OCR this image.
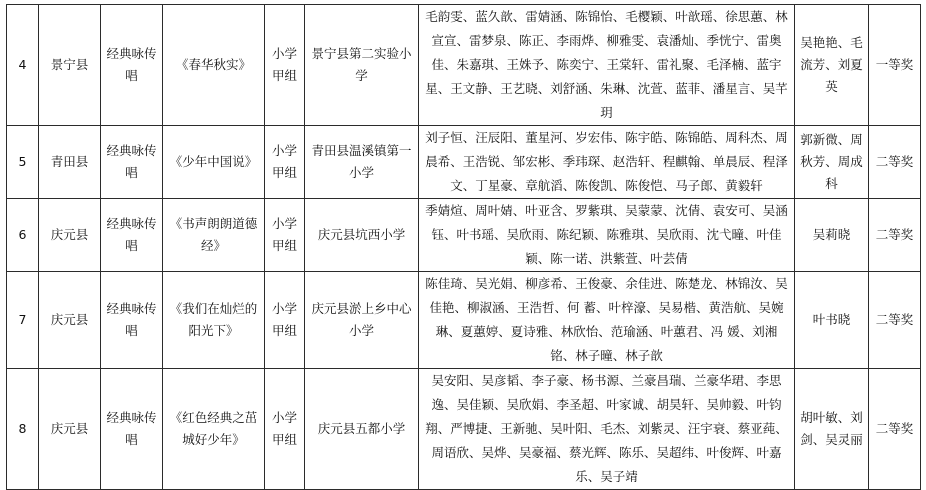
4	景宁县	经典咏传唱	《春华秋实》	小学甲组	景宁县第二实验小学	毛韵雯、蓝久歆、雷婧涵、陈锦怡、毛樱颖、叶歆瑶、徐思蕙、林宣宣、雷梦泉、陈正、李雨烨、柳雅雯、袁潘灿、季恍宁、雷奥佳、朱嘉琪、王姝予、陈奕宁、王棠轩、雷礼聚、毛泽楠、蓝宇星、王文静、王艺晓、刘舒涵、朱琳、沈萱、蓝菲、潘星言、吴芊玥	吴艳艳、毛流芳、刘夏英	一等奖
5	青田县	经典咏传唱	《少年中国说》	小学甲组	青田县温溪镇第一小学	刘子恒、汪辰阳、董星河、岁宏伟、陈宇皓、陈锦皓、周科杰、周晨希、王浩锐、邹宏彬、季玮琛、赵浩轩、程麒翰、单晨辰、程泽文、丁星豪、章航滔、陈俊凯、陈俊恺、马子郎、黄毅轩	郭新微、周秋芳、周成科	二等奖
6	庆元县	经典咏传唱	《书声朗朗道德经》	小学甲组	庆元县坑西小学	季婧煊、周叶婧、叶亚含、罗紫琪、吴蒙蒙、沈倩、袁安可、吴涵钰、叶书瑶、吴欣雨、陈纪颖、陈雅琪、吴欣雨、沈弋曈、叶佳颖、陈一诺、洪紫萱、叶芸倩	吴莉晓	二等奖
7	庆元县	经典咏传唱	《我们在灿烂的阳光下》	小学甲组	庆元县淤上乡中心小学	陈佳琦、吴光娟、柳彦希、王俊豪、余佳进、陈楚龙、林锦汝、吴佳艳、柳淑涵、王浩哲、何 蓄、叶梓濠、吴易楷、黄浩航、吴婉琳、夏蕙婷、夏诗雅、林欣怡、范瑜涵、叶蕙君、冯 媛、刘湘铭、林子曈、林子歆	叶书晓	二等奖
8	庆元县	经典咏传唱	《红色经典之茁城好少年》	小学甲组	庆元县五都小学	吴安阳、吴彦韬、李子豪、杨书源、兰豪昌瑞、兰豪华珺、李思逸、吴佳颖、吴欣娟、李圣超、叶家诚、胡昊轩、吴帅毅、叶钧翔、严博捷、王新驰、吴叶阳、毛杰、刘紫灵、汪宇衰、蔡亚莼、周语欣、吴烨、吴豪福、蔡光辉、陈乐、吴超纬、叶俊辉、叶嘉乐、吴子靖	胡叶敏、刘剑、吴灵丽	二等奖
